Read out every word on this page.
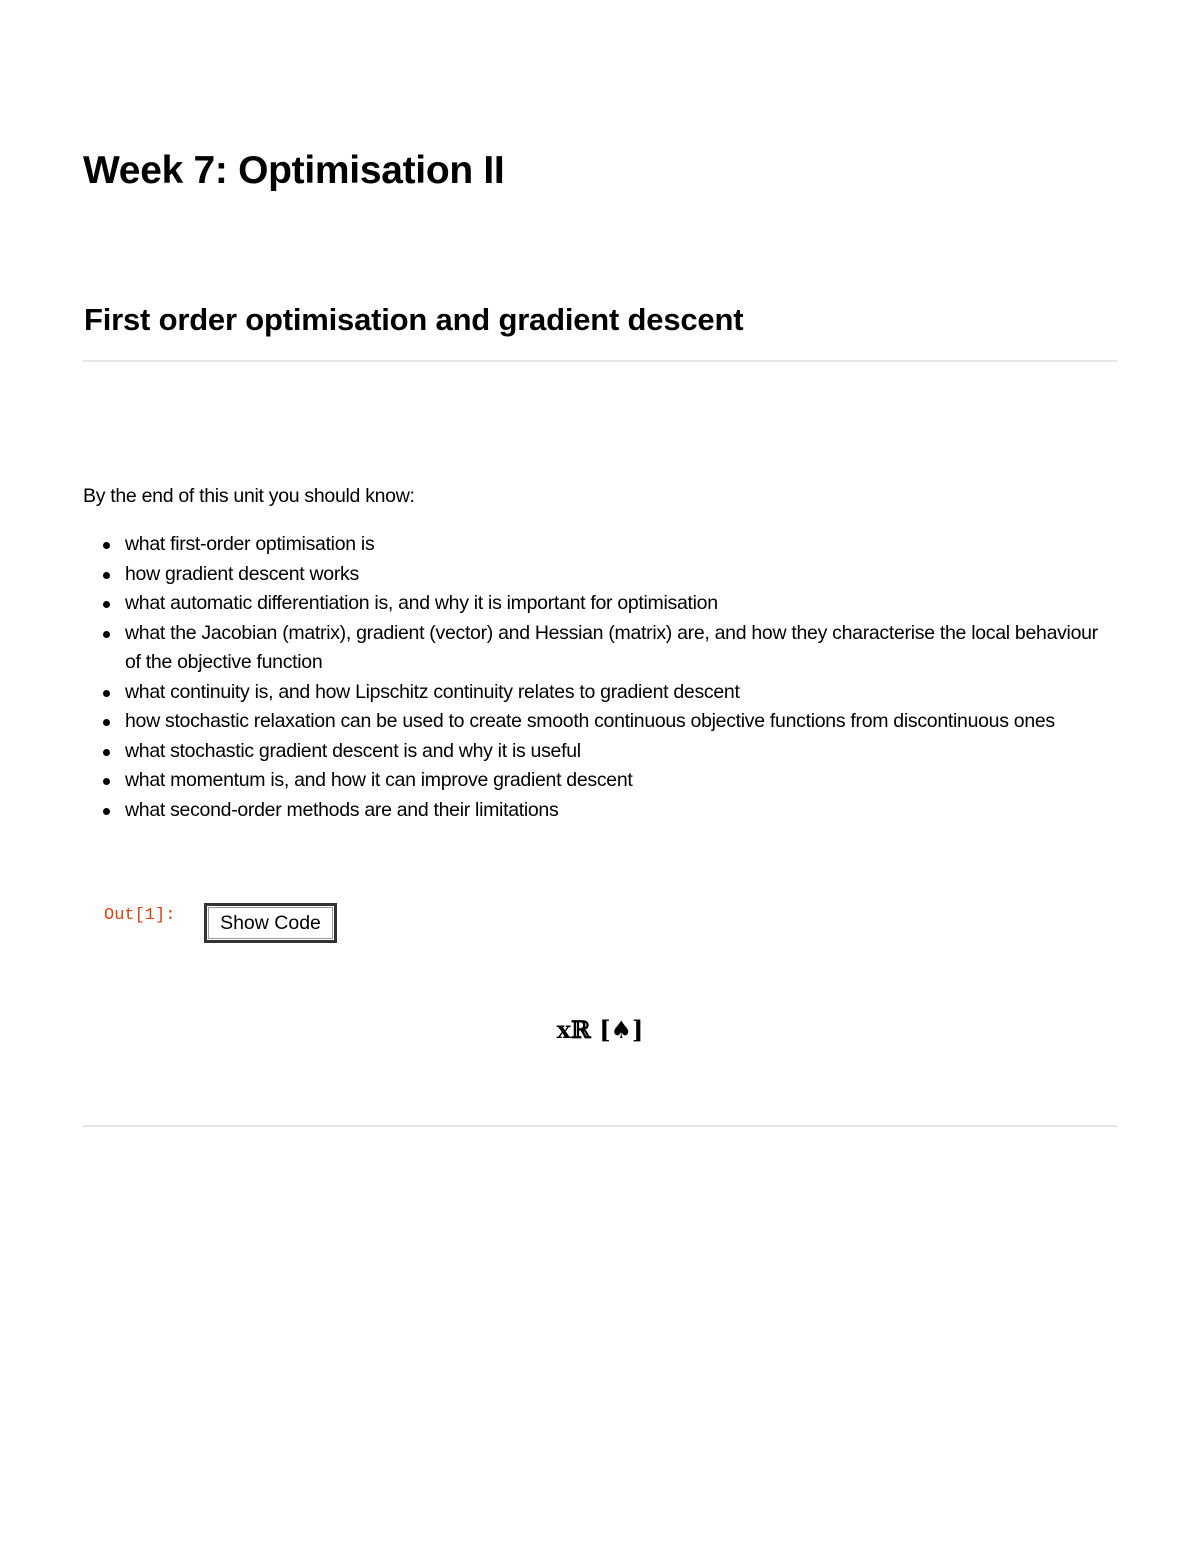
Week 7: Optimisation II
First order optimisation and gradient descent

By the end of this unit you should know:

what first-order optimisation is
how gradient descent works
what automatic differentiation is, and why it is important for optimisation
what the Jacobian (matrix), gradient (vector) and Hessian (matrix) are, and how they characterise the local behaviour of the objective function
what continuity is, and how Lipschitz continuity relates to gradient descent
how stochastic relaxation can be used to create smooth continuous objective functions from discontinuous ones
what stochastic gradient descent is and why it is useful
what momentum is, and how it can improve gradient descent
what second-order methods are and their limitations
Out[1]:	Show Code
xℝ [♠]
